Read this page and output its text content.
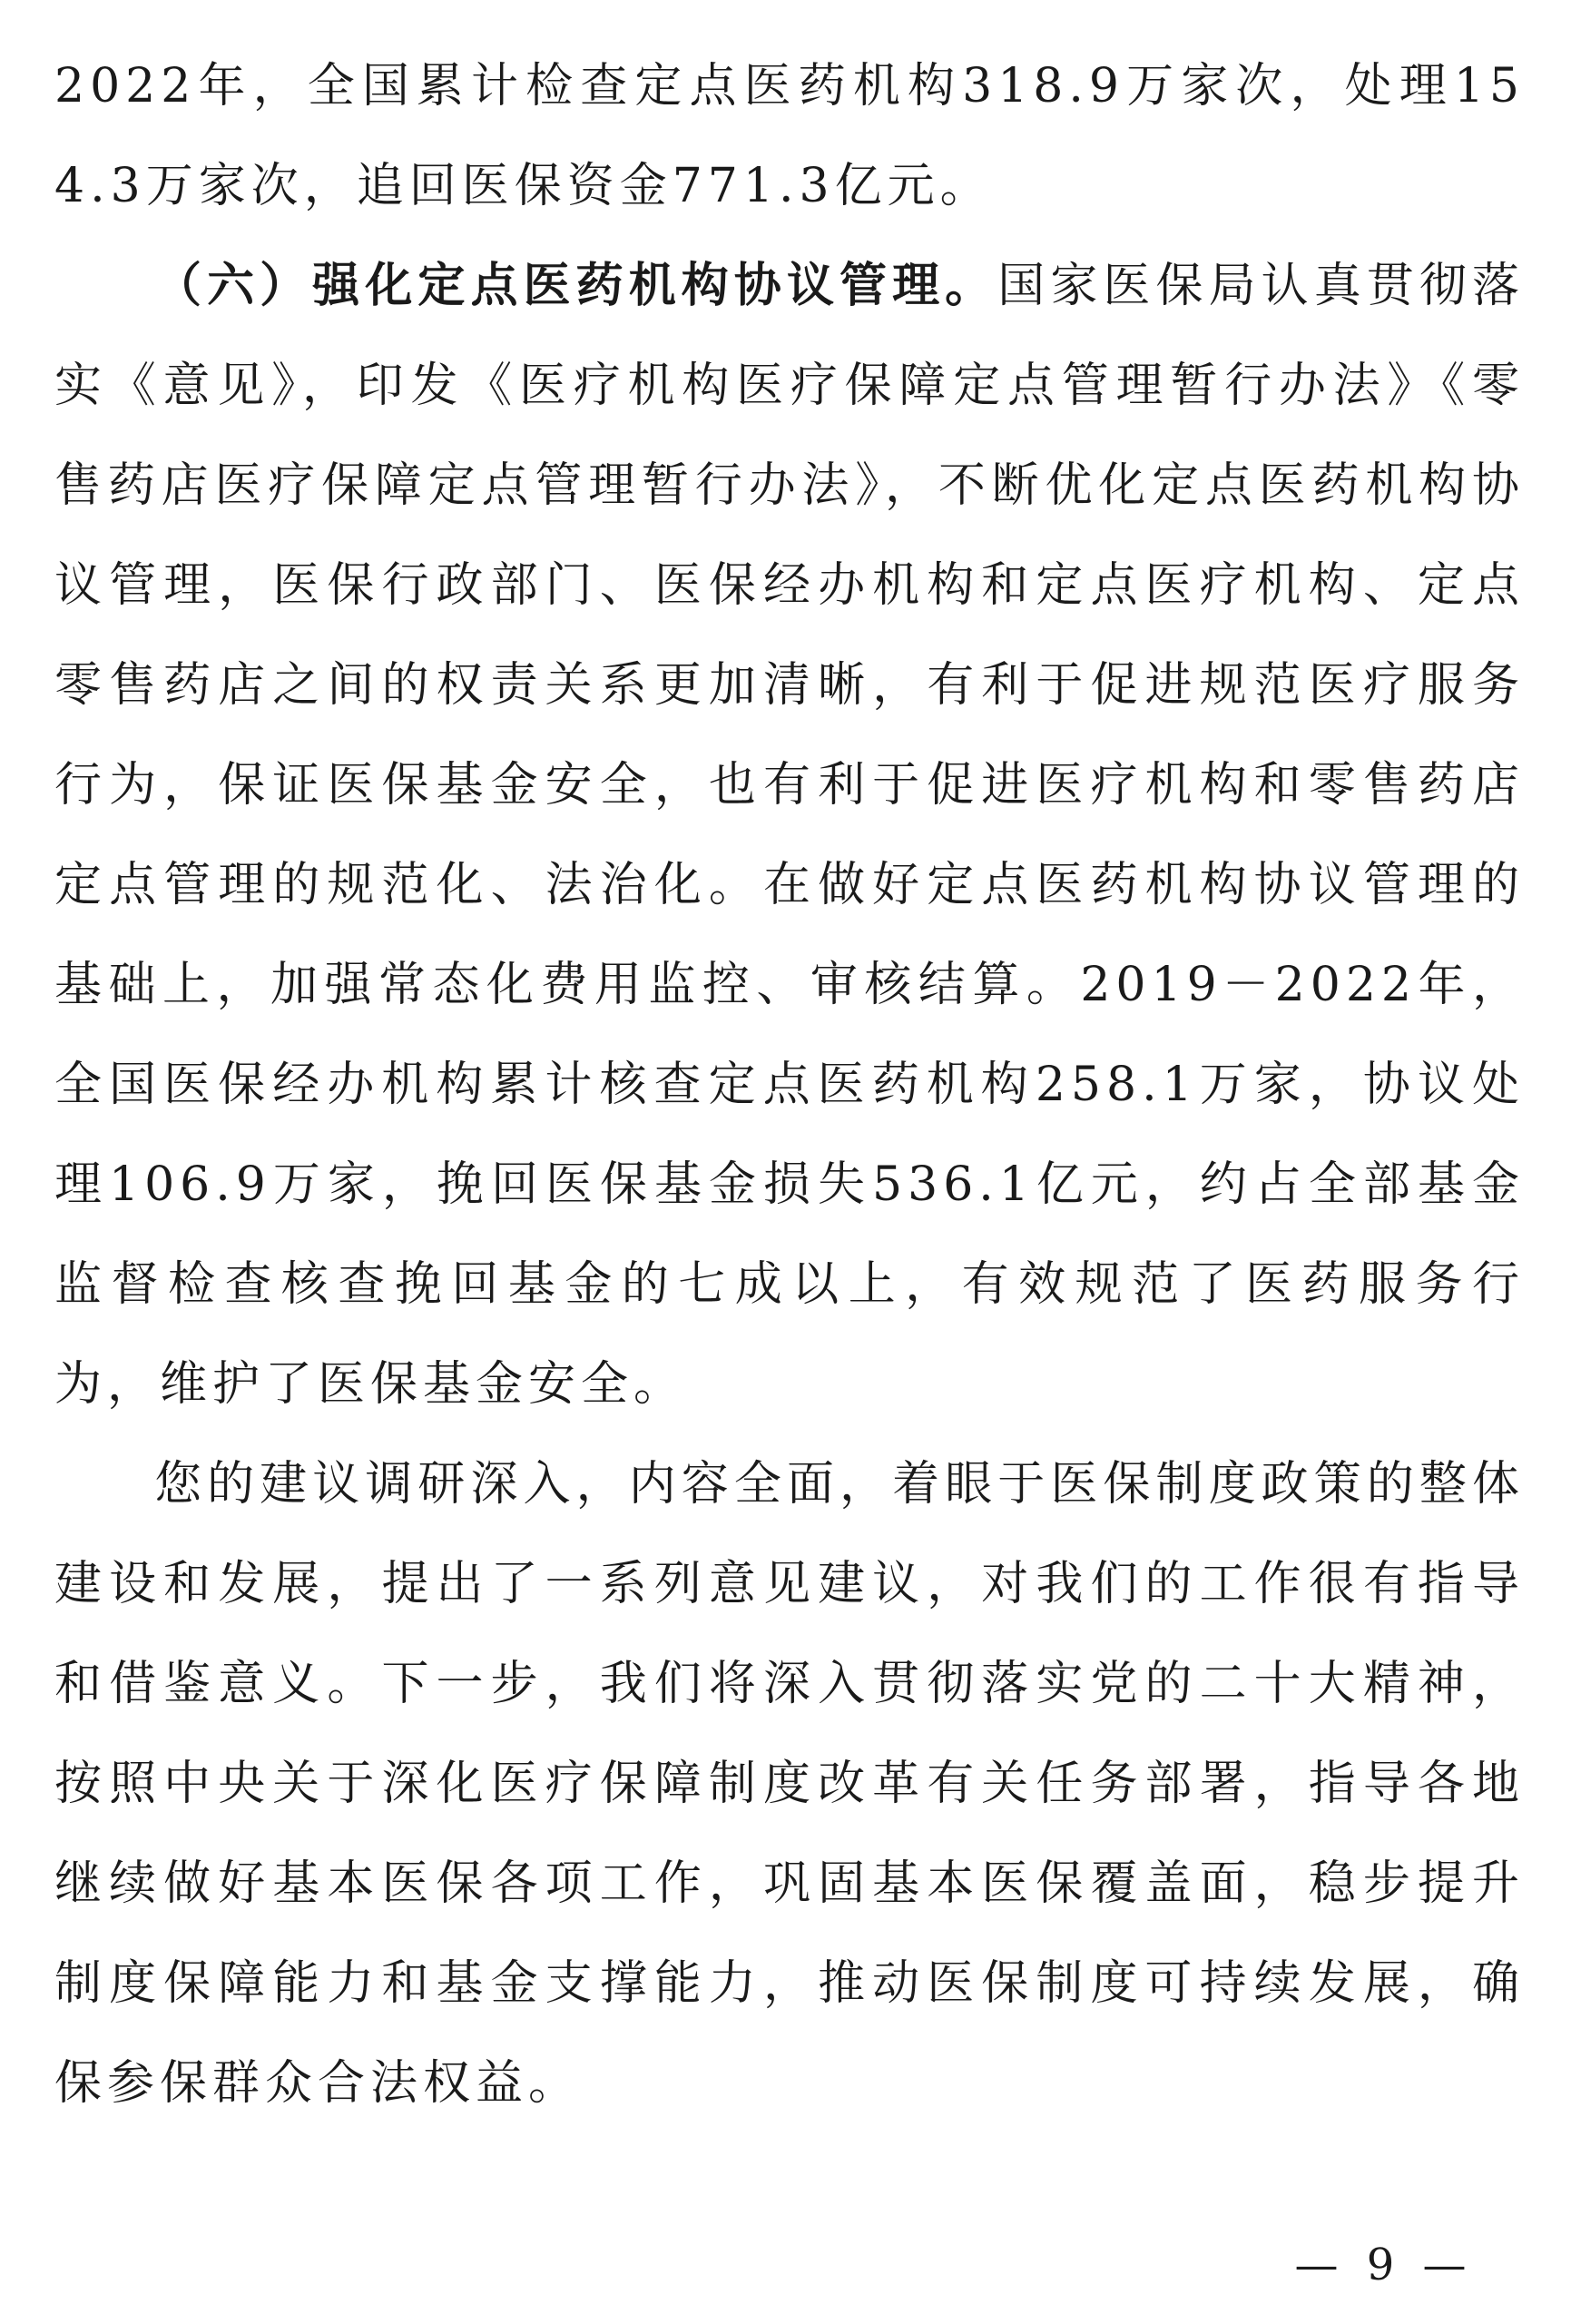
2022年，全国累计检查定点医药机构318.9万家次，处理154.3万家次，追回医保资金771.3亿元。

（六）强化定点医药机构协议管理。国家医保局认真贯彻落实《意见》，印发《医疗机构医疗保障定点管理暂行办法》《零售药店医疗保障定点管理暂行办法》，不断优化定点医药机构协议管理，医保行政部门、医保经办机构和定点医疗机构、定点零售药店之间的权责关系更加清晰，有利于促进规范医疗服务行为，保证医保基金安全，也有利于促进医疗机构和零售药店定点管理的规范化、法治化。在做好定点医药机构协议管理的基础上，加强常态化费用监控、审核结算。2019－2022年，全国医保经办机构累计核查定点医药机构258.1万家，协议处理106.9万家，挽回医保基金损失536.1亿元，约占全部基金监督检查核查挽回基金的七成以上，有效规范了医药服务行为，维护了医保基金安全。

您的建议调研深入，内容全面，着眼于医保制度政策的整体建设和发展，提出了一系列意见建议，对我们的工作很有指导和借鉴意义。下一步，我们将深入贯彻落实党的二十大精神，按照中央关于深化医疗保障制度改革有关任务部署，指导各地继续做好基本医保各项工作，巩固基本医保覆盖面，稳步提升制度保障能力和基金支撑能力，推动医保制度可持续发展，确保参保群众合法权益。

— 9 —
